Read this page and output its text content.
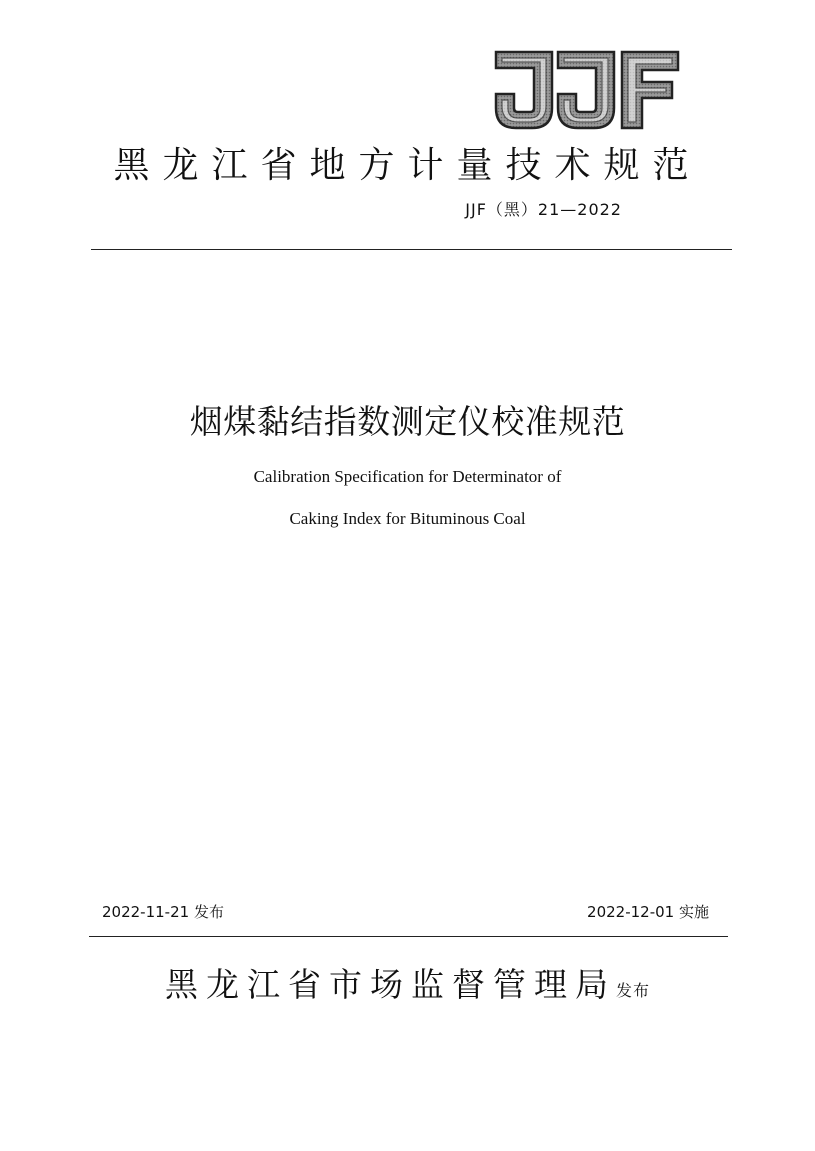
黑龙江省地方计量技术规范
JJF（黑）21—2022
烟煤黏结指数测定仪校准规范
Calibration Specification for Determinator of
Caking Index for Bituminous Coal
2022-11-21 发布	2022-12-01 实施
黑龙江省市场监督管理局发布
